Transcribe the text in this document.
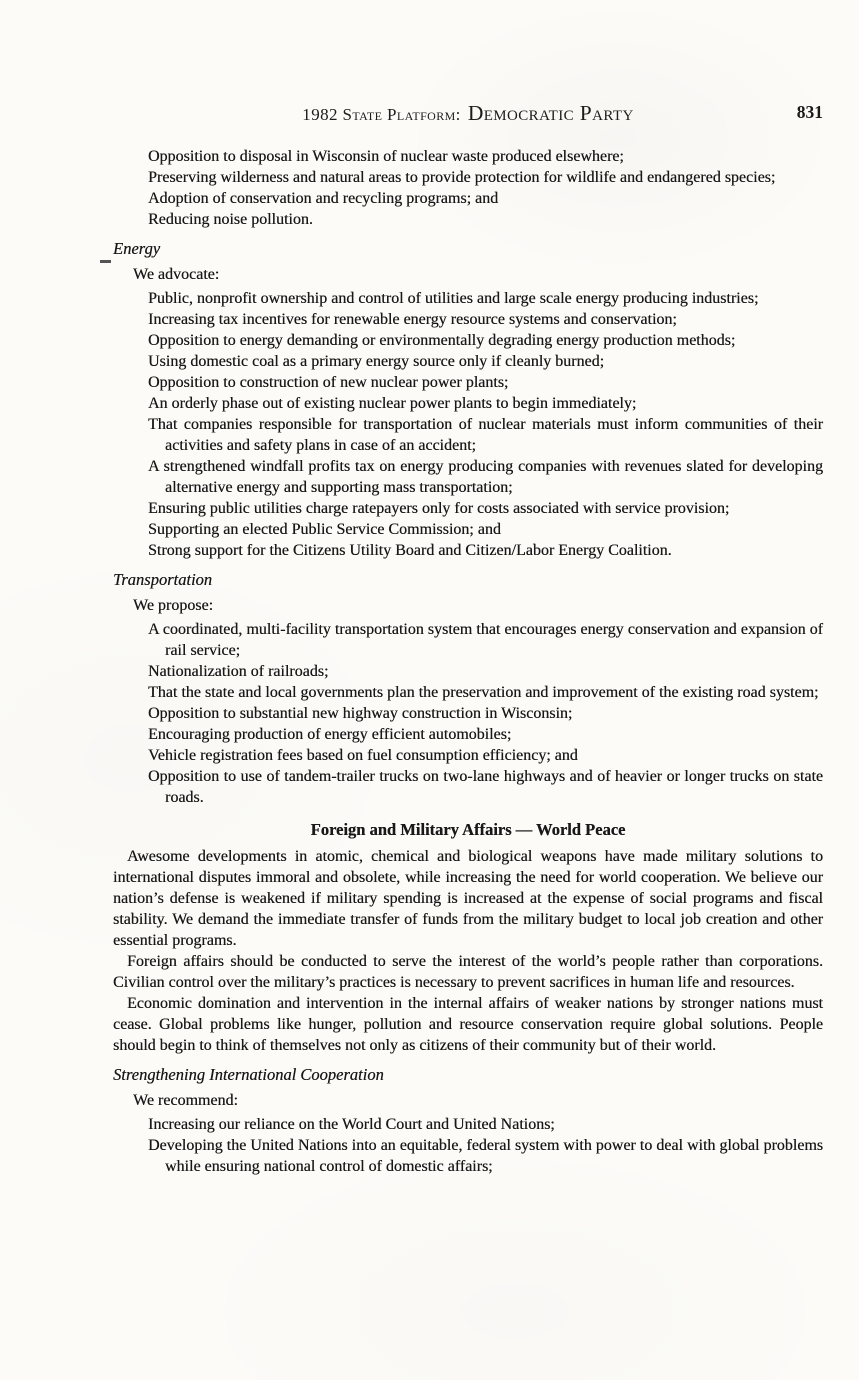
1982 State Platform: Democratic Party	831
Opposition to disposal in Wisconsin of nuclear waste produced elsewhere;
Preserving wilderness and natural areas to provide protection for wildlife and endangered species;
Adoption of conservation and recycling programs; and
Reducing noise pollution.
Energy

We advocate:

Public, nonprofit ownership and control of utilities and large scale energy producing industries;
Increasing tax incentives for renewable energy resource systems and conservation;
Opposition to energy demanding or environmentally degrading energy production methods;
Using domestic coal as a primary energy source only if cleanly burned;
Opposition to construction of new nuclear power plants;
An orderly phase out of existing nuclear power plants to begin immediately;
That companies responsible for transportation of nuclear materials must inform communities of their activities and safety plans in case of an accident;
A strengthened windfall profits tax on energy producing companies with revenues slated for developing alternative energy and supporting mass transportation;
Ensuring public utilities charge ratepayers only for costs associated with service provision;
Supporting an elected Public Service Commission; and
Strong support for the Citizens Utility Board and Citizen/Labor Energy Coalition.
Transportation

We propose:

A coordinated, multi-facility transportation system that encourages energy conservation and expansion of rail service;
Nationalization of railroads;
That the state and local governments plan the preservation and improvement of the existing road system;
Opposition to substantial new highway construction in Wisconsin;
Encouraging production of energy efficient automobiles;
Vehicle registration fees based on fuel consumption efficiency; and
Opposition to use of tandem-trailer trucks on two-lane highways and of heavier or longer trucks on state roads.
Foreign and Military Affairs — World Peace

Awesome developments in atomic, chemical and biological weapons have made military solutions to international disputes immoral and obsolete, while increasing the need for world cooperation. We believe our nation’s defense is weakened if military spending is increased at the expense of social programs and fiscal stability. We demand the immediate transfer of funds from the military budget to local job creation and other essential programs.

Foreign affairs should be conducted to serve the interest of the world’s people rather than corporations. Civilian control over the military’s practices is necessary to prevent sacrifices in human life and resources.

Economic domination and intervention in the internal affairs of weaker nations by stronger nations must cease. Global problems like hunger, pollution and resource conservation require global solutions. People should begin to think of themselves not only as citizens of their community but of their world.

Strengthening International Cooperation

We recommend:

Increasing our reliance on the World Court and United Nations;
Developing the United Nations into an equitable, federal system with power to deal with global problems while ensuring national control of domestic affairs;
